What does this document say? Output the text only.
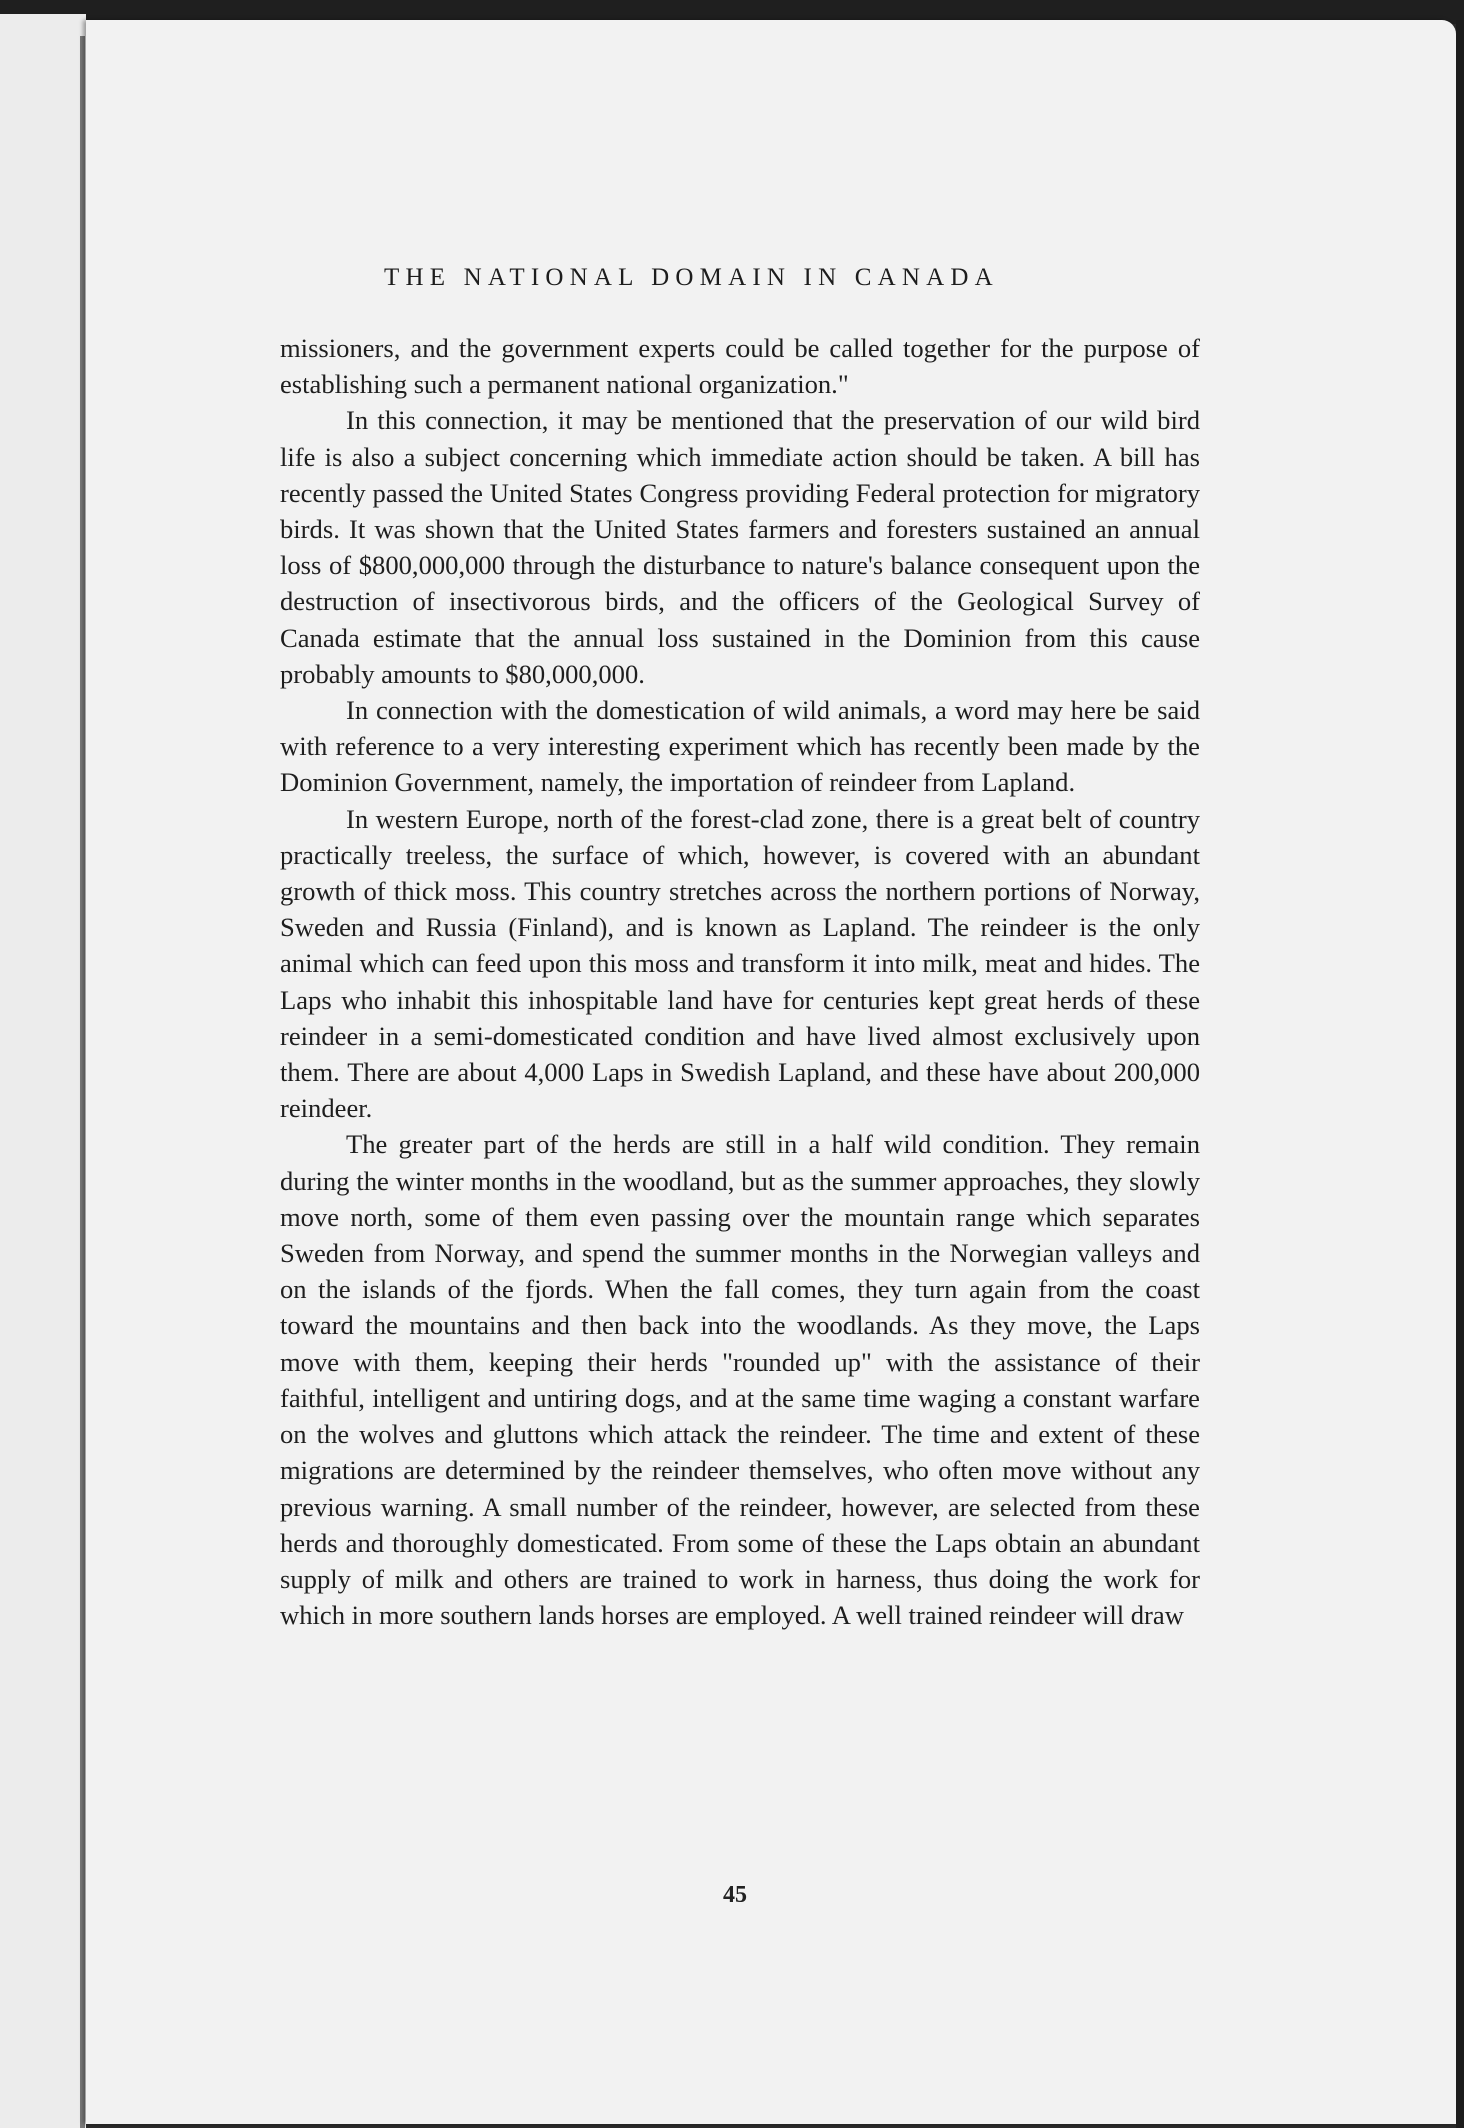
THE NATIONAL DOMAIN IN CANADA

missioners, and the government experts could be called together for the purpose of establishing such a permanent national organization."

In this connection, it may be mentioned that the preservation of our wild bird life is also a subject concerning which immediate action should be taken. A bill has recently passed the United States Congress providing Federal protection for migratory birds. It was shown that the United States farmers and foresters sustained an annual loss of $800,000,000 through the disturbance to nature's balance consequent upon the destruction of insectivorous birds, and the officers of the Geological Survey of Canada estimate that the annual loss sustained in the Dominion from this cause probably amounts to $80,000,000.

In connection with the domestication of wild animals, a word may here be said with reference to a very interesting experiment which has recently been made by the Dominion Government, namely, the importation of reindeer from Lapland.

In western Europe, north of the forest-clad zone, there is a great belt of country practically treeless, the surface of which, however, is covered with an abundant growth of thick moss. This country stretches across the northern portions of Norway, Sweden and Russia (Finland), and is known as Lapland. The reindeer is the only animal which can feed upon this moss and transform it into milk, meat and hides. The Laps who inhabit this inhospitable land have for centuries kept great herds of these reindeer in a semi-domesticated condition and have lived almost exclusively upon them. There are about 4,000 Laps in Swedish Lapland, and these have about 200,000 reindeer.

The greater part of the herds are still in a half wild condition. They remain during the winter months in the woodland, but as the summer approaches, they slowly move north, some of them even passing over the mountain range which separates Sweden from Norway, and spend the summer months in the Norwegian valleys and on the islands of the fjords. When the fall comes, they turn again from the coast toward the mountains and then back into the woodlands. As they move, the Laps move with them, keeping their herds "rounded up" with the assistance of their faithful, intelligent and untiring dogs, and at the same time waging a constant warfare on the wolves and gluttons which attack the reindeer. The time and extent of these migrations are determined by the reindeer themselves, who often move without any previous warning. A small number of the reindeer, however, are selected from these herds and thoroughly domesticated. From some of these the Laps obtain an abundant supply of milk and others are trained to work in harness, thus doing the work for which in more southern lands horses are employed. A well trained reindeer will draw

45
